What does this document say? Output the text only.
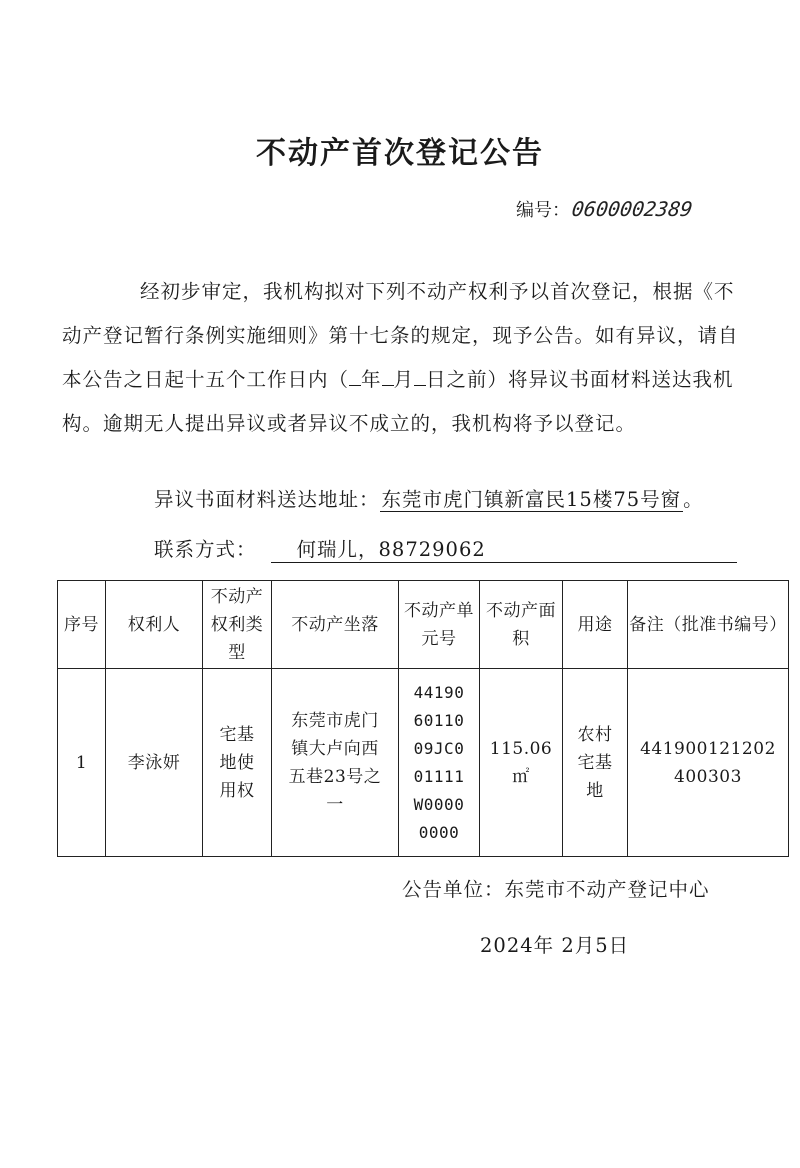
不动产首次登记公告
编号： 0600002389
经初步审定，我机构拟对下列不动产权利予以首次登记，根据《不动产登记暂行条例实施细则》第十七条的规定，现予公告。如有异议，请自本公告之日起十五个工作日内（ 年 月 日之前）将异议书面材料送达我机构。逾期无人提出异议或者异议不成立的，我机构将予以登记。
异议书面材料送达地址： 东莞市虎门镇新富民15楼75号窗 。
联系方式：	何瑞儿，88729062
序号	权利人	不动产权利类型	不动产坐落	不动产单元号	不动产面积	用途	备注（批准书编号）
1	李泳妍	宅基地使用权	东莞市虎门镇大卢向西五巷23号之一	441906011009JC001111W00000000	115.06㎡	农村宅基地	441900121202400303
公告单位：东莞市不动产登记中心
2024年 2月5日
